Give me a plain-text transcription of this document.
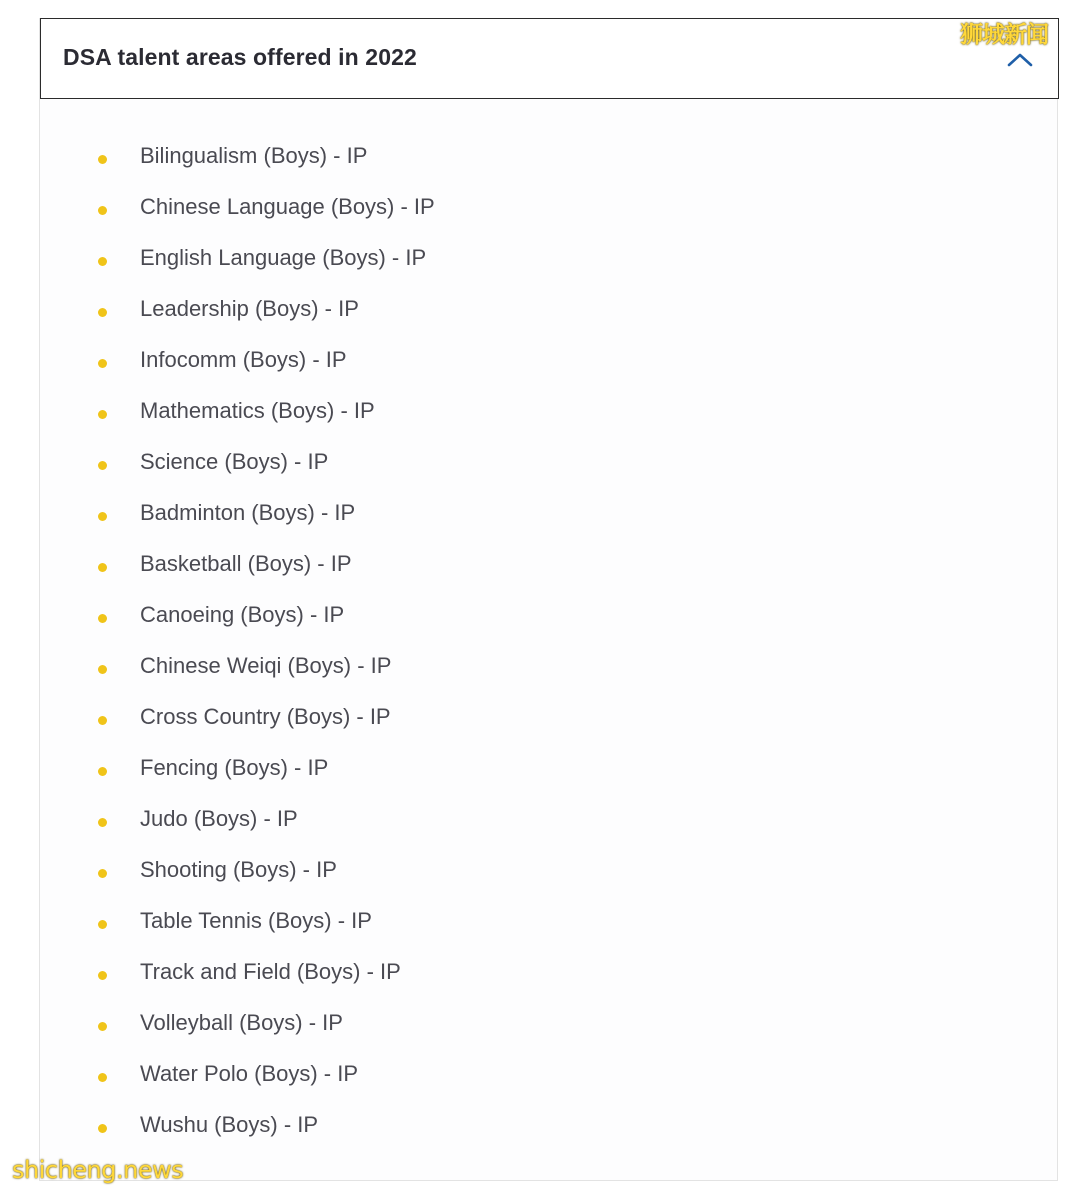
DSA talent areas offered in 2022
Bilingualism (Boys) - IP
Chinese Language (Boys) - IP
English Language (Boys) - IP
Leadership (Boys) - IP
Infocomm (Boys) - IP
Mathematics (Boys) - IP
Science (Boys) - IP
Badminton (Boys) - IP
Basketball (Boys) - IP
Canoeing (Boys) - IP
Chinese Weiqi (Boys) - IP
Cross Country (Boys) - IP
Fencing (Boys) - IP
Judo (Boys) - IP
Shooting (Boys) - IP
Table Tennis (Boys) - IP
Track and Field (Boys) - IP
Volleyball (Boys) - IP
Water Polo (Boys) - IP
Wushu (Boys) - IP
狮城新闻
shicheng.news
